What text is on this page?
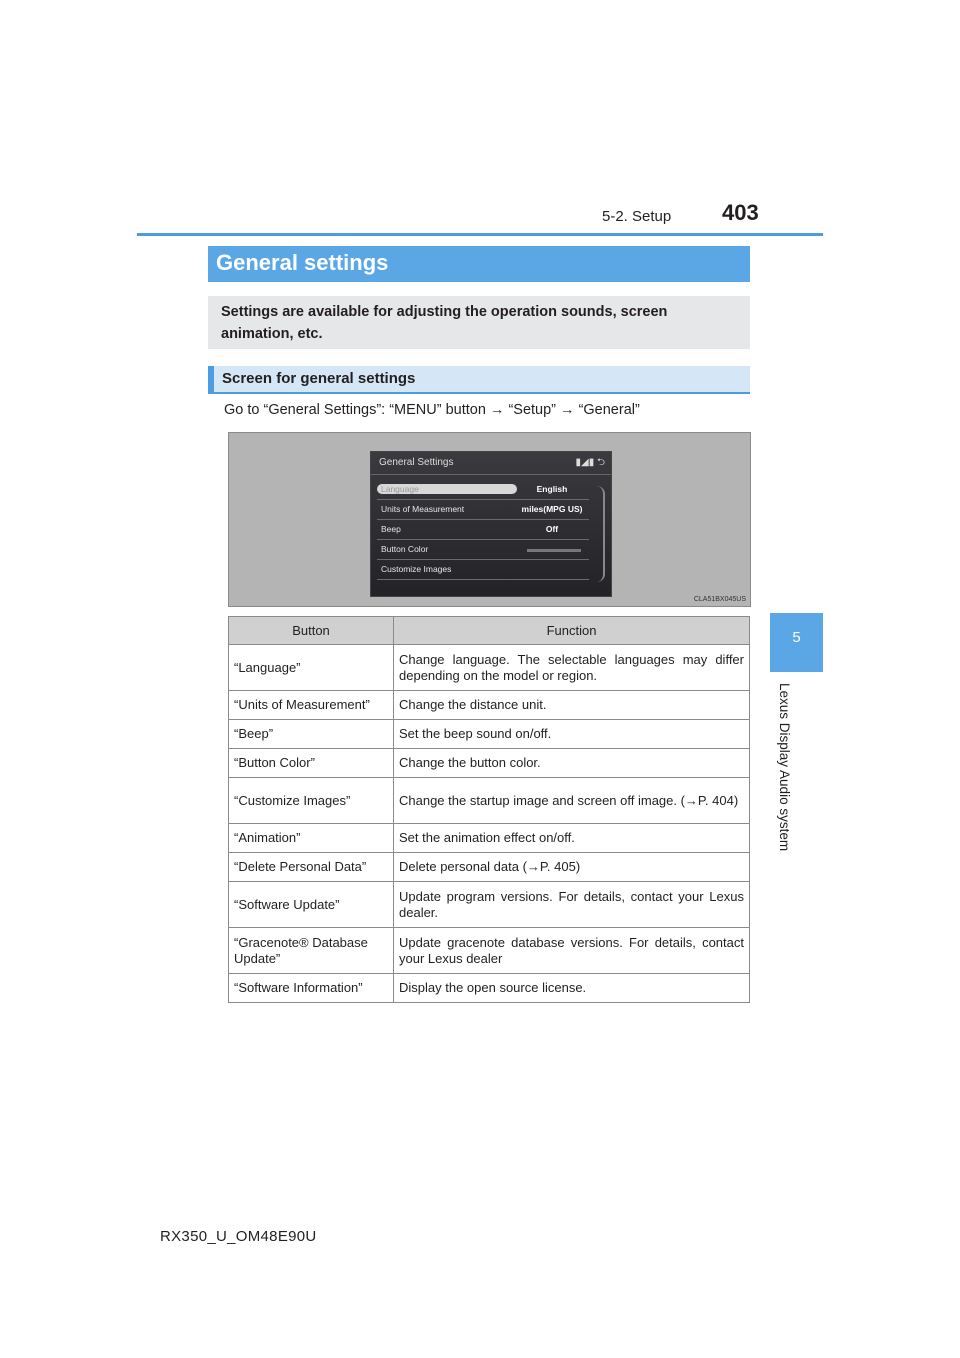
5-2. Setup 403
General settings
Settings are available for adjusting the operation sounds, screen animation, etc.
Screen for general settings
Go to “General Settings”: “MENU” button → “Setup” → “General”
General Settings	▮◢▮ ⮌
Language	English
Units of Measurement	miles(MPG US)
Beep	Off
Button Color
Customize Images
CLA51BX045US
Button	Function
“Language”	Change language. The selectable languages may differ depending on the model or region.
“Units of Measurement”	Change the distance unit.
“Beep”	Set the beep sound on/off.
“Button Color”	Change the button color.
“Customize Images”	Change the startup image and screen off image. (→P. 404)
“Animation”	Set the animation effect on/off.
“Delete Personal Data”	Delete personal data (→P. 405)
“Software Update”	Update program versions. For details, contact your Lexus dealer.
“Gracenote® Database Update”	Update gracenote database versions. For details, contact your Lexus dealer
“Software Information”	Display the open source license.
5
Lexus Display Audio system
RX350_U_OM48E90U
